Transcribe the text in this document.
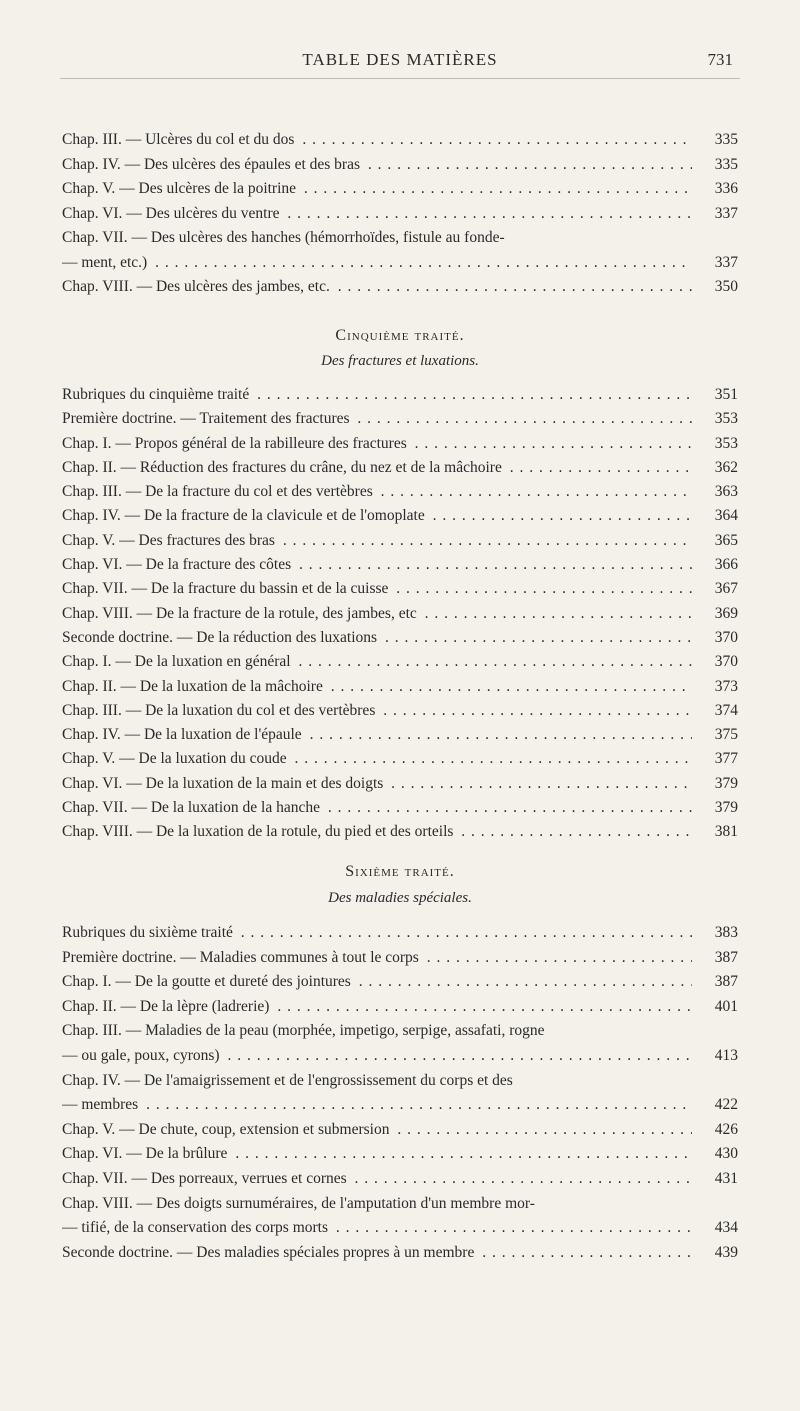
TABLE DES MATIÈRES	731
Chap. III. — Ulcères du col et du dos . . .	335
Chap. IV. — Des ulcères des épaules et des bras . . .	335
Chap. V. — Des ulcères de la poitrine . . .	336
Chap. VI. — Des ulcères du ventre . . .	337
Chap. VII. — Des ulcères des hanches (hémorrhoïdes, fistule au fonde-
— ment, etc.) . . .	337
Chap. VIII. — Des ulcères des jambes, etc. . . .	350
Cinquième traité.
Des fractures et luxations.
Rubriques du cinquième traité . . .	351
Première doctrine. — Traitement des fractures . . .	353
Chap. I. — Propos général de la rabilleure des fractures . . .	353
Chap. II. — Réduction des fractures du crâne, du nez et de la mâchoire . . .	362
Chap. III. — De la fracture du col et des vertèbres . . .	363
Chap. IV. — De la fracture de la clavicule et de l'omoplate . . .	364
Chap. V. — Des fractures des bras . . .	365
Chap. VI. — De la fracture des côtes . . .	366
Chap. VII. — De la fracture du bassin et de la cuisse . . .	367
Chap. VIII. — De la fracture de la rotule, des jambes, etc . . .	369
Seconde doctrine. — De la réduction des luxations . . .	370
Chap. I. — De la luxation en général . . .	370
Chap. II. — De la luxation de la mâchoire . . .	373
Chap. III. — De la luxation du col et des vertèbres . . .	374
Chap. IV. — De la luxation de l'épaule . . .	375
Chap. V. — De la luxation du coude . . .	377
Chap. VI. — De la luxation de la main et des doigts . . .	379
Chap. VII. — De la luxation de la hanche . . .	379
Chap. VIII. — De la luxation de la rotule, du pied et des orteils . . .	381
Sixième traité.
Des maladies spéciales.
Rubriques du sixième traité . . .	383
Première doctrine. — Maladies communes à tout le corps . . .	387
Chap. I. — De la goutte et dureté des jointures . . .	387
Chap. II. — De la lèpre (ladrerie) . . .	401
Chap. III. — Maladies de la peau (morphée, impetigo, serpige, assafati, rogne
— ou gale, poux, cyrons) . . .	413
Chap. IV. — De l'amaigrissement et de l'engrossissement du corps et des
— membres . . .	422
Chap. V. — De chute, coup, extension et submersion . . .	426
Chap. VI. — De la brûlure . . .	430
Chap. VII. — Des porreaux, verrues et cornes . . .	431
Chap. VIII. — Des doigts surnuméraires, de l'amputation d'un membre mor-
— tifié, de la conservation des corps morts . . .	434
Seconde doctrine. — Des maladies spéciales propres à un membre . . .	439
